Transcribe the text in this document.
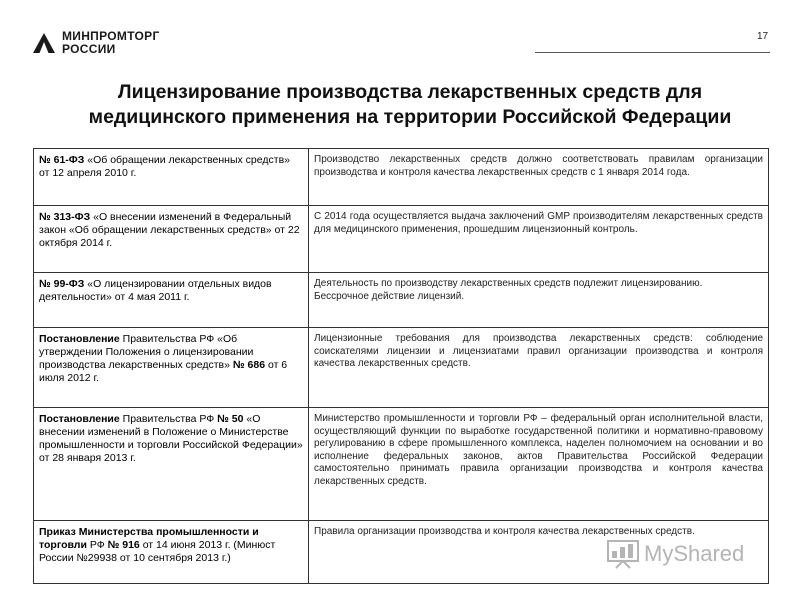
МИНПРОМТОРГ
РОССИИ
17
Лицензирование производства лекарственных средств для
медицинского применения на территории Российской Федерации
№ 61-ФЗ «Об обращении лекарственных средств» от 12 апреля 2010 г.	Производство лекарственных средств должно соответствовать правилам организации производства и контроля качества лекарственных средств с 1 января 2014 года.

№ 313-ФЗ «О внесении изменений в Федеральный закон «Об обращении лекарственных средств» от 22 октября 2014 г.	С 2014 года осуществляется выдача заключений GMP производителям лекарственных средств для медицинского применения, прошедшим лицензионный контроль.

№ 99-ФЗ «О лицензировании отдельных видов деятельности» от 4 мая 2011 г.	Деятельность по производству лекарственных средств подлежит лицензированию.
Бессрочное действие лицензий.

Постановление Правительства РФ «Об утверждении Положения о лицензировании производства лекарственных средств» № 686 от 6 июля 2012 г.	Лицензионные требования для производства лекарственных средств: соблюдение соискателями лицензии и лицензиатами правил организации производства и контроля качества лекарственных средств.

Постановление Правительства РФ № 50 «О внесении изменений в Положение о Министерстве промышленности и торговли Российской Федерации» от 28 января 2013 г.	Министерство промышленности и торговли РФ – федеральный орган исполнительной власти, осуществляющий функции по выработке государственной политики и нормативно-правовому регулированию в сфере промышленного комплекса, наделен полномочием на основании и во исполнение федеральных законов, актов Правительства Российской Федерации самостоятельно принимать правила организации производства и контроля качества лекарственных средств.

Приказ Министерства промышленности и торговли РФ № 916 от 14 июня 2013 г. (Минюст России №29938 от 10 сентября 2013 г.)	Правила организации производства и контроля качества лекарственных средств.
MyShared
